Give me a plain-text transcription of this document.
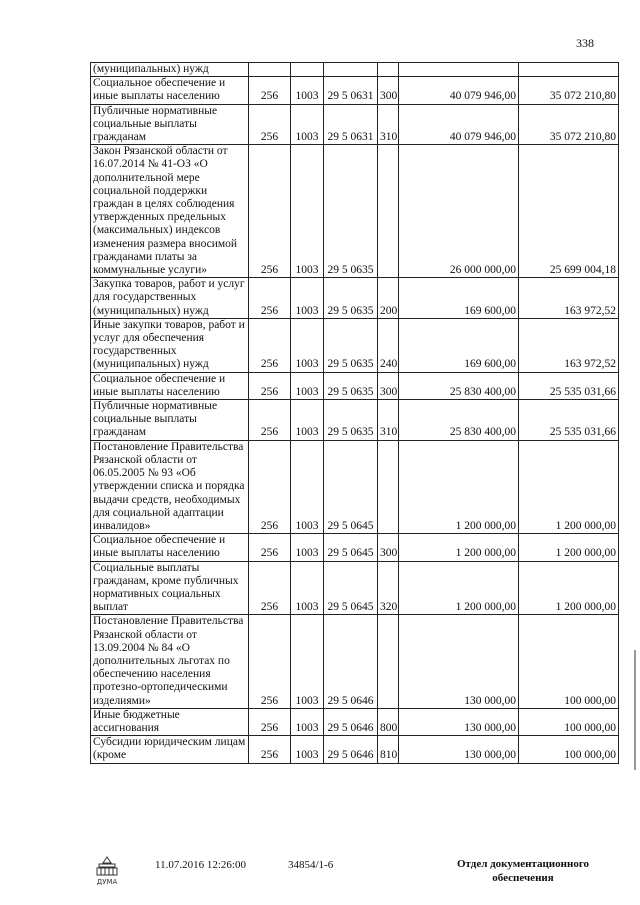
338
(муниципальных) нужд						
Социальное обеспечение и иные выплаты населению	256	1003	29 5 0631	300	40 079 946,00	35 072 210,80
Публичные нормативные социальные выплаты гражданам	256	1003	29 5 0631	310	40 079 946,00	35 072 210,80
Закон Рязанской области от 16.07.2014 № 41-ОЗ «О дополнительной мере социальной поддержки граждан в целях соблюдения утвержденных предельных (максимальных) индексов изменения размера вносимой гражданами платы за коммунальные услуги»	256	1003	29 5 0635		26 000 000,00	25 699 004,18
Закупка товаров, работ и услуг для государственных (муниципальных) нужд	256	1003	29 5 0635	200	169 600,00	163 972,52
Иные закупки товаров, работ и услуг для обеспечения государственных (муниципальных) нужд	256	1003	29 5 0635	240	169 600,00	163 972,52
Социальное обеспечение и иные выплаты населению	256	1003	29 5 0635	300	25 830 400,00	25 535 031,66
Публичные нормативные социальные выплаты гражданам	256	1003	29 5 0635	310	25 830 400,00	25 535 031,66
Постановление Правительства Рязанской области от 06.05.2005 № 93 «Об утверждении списка и порядка выдачи средств, необходимых для социальной адаптации инвалидов»	256	1003	29 5 0645		1 200 000,00	1 200 000,00
Социальное обеспечение и иные выплаты населению	256	1003	29 5 0645	300	1 200 000,00	1 200 000,00
Социальные выплаты гражданам, кроме публичных нормативных социальных выплат	256	1003	29 5 0645	320	1 200 000,00	1 200 000,00
Постановление Правительства Рязанской области от 13.09.2004 № 84 «О дополнительных льготах по обеспечению населения протезно-ортопедическими изделиями»	256	1003	29 5 0646		130 000,00	100 000,00
Иные бюджетные ассигнования	256	1003	29 5 0646	800	130 000,00	100 000,00
Субсидии юридическим лицам (кроме	256	1003	29 5 0646	810	130 000,00	100 000,00
ДУМА
11.07.2016 12:26:00	34854/1-6	Отдел документационного
обеспечения
